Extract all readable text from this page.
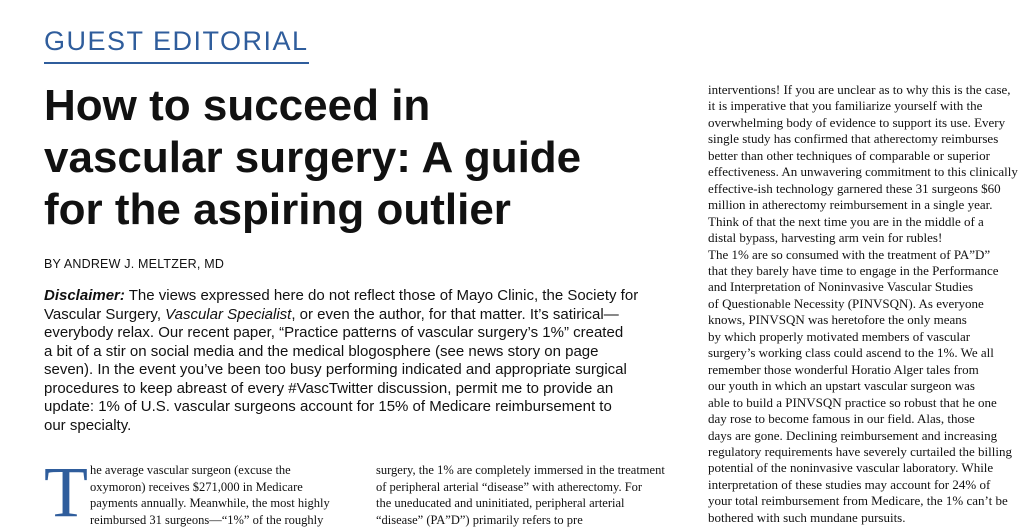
GUEST EDITORIAL
How to succeed in
vascular surgery: A guide
for the aspiring outlier
BY ANDREW J. MELTZER, MD
Disclaimer: The views expressed here do not reflect those of Mayo Clinic, the Society for
Vascular Surgery, Vascular Specialist, or even the author, for that matter. It’s satirical—
everybody relax. Our recent paper, “Practice patterns of vascular surgery’s 1%” created
a bit of a stir on social media and the medical blogosphere (see news story on page
seven). In the event you’ve been too busy performing indicated and appropriate surgical
procedures to keep abreast of every #VascTwitter discussion, permit me to provide an
update: 1% of U.S. vascular surgeons account for 15% of Medicare reimbursement to
our specialty.
T he average vascular surgeon (excuse the
oxymoron) receives $271,000 in Medicare
payments annually. Meanwhile, the most highly
reimbursed 31 surgeons—“1%” of the roughly
surgery, the 1% are completely immersed in the treatment
of peripheral arterial “disease” with atherectomy. For
the uneducated and uninitiated, peripheral arterial
“disease” (PA”D”) primarily refers to pre
interventions! If you are unclear as to why this is the case,
it is imperative that you familiarize yourself with the
overwhelming body of evidence to support its use. Every
single study has confirmed that atherectomy reimburses
better than other techniques of comparable or superior
effectiveness. An unwavering commitment to this clinically
effective-ish technology garnered these 31 surgeons $60
million in atherectomy reimbursement in a single year.
Think of that the next time you are in the middle of a
distal bypass, harvesting arm vein for rubles!
The 1% are so consumed with the treatment of PA”D”
that they barely have time to engage in the Performance
and Interpretation of Noninvasive Vascular Studies
of Questionable Necessity (PINVSQN). As everyone
knows, PINVSQN was heretofore the only means
by which properly motivated members of vascular
surgery’s working class could ascend to the 1%. We all
remember those wonderful Horatio Alger tales from
our youth in which an upstart vascular surgeon was
able to build a PINVSQN practice so robust that he one
day rose to become famous in our field. Alas, those
days are gone. Declining reimbursement and increasing
regulatory requirements have severely curtailed the billing
potential of the noninvasive vascular laboratory. While
interpretation of these studies may account for 24% of
your total reimbursement from Medicare, the 1% can’t be
bothered with such mundane pursuits.
